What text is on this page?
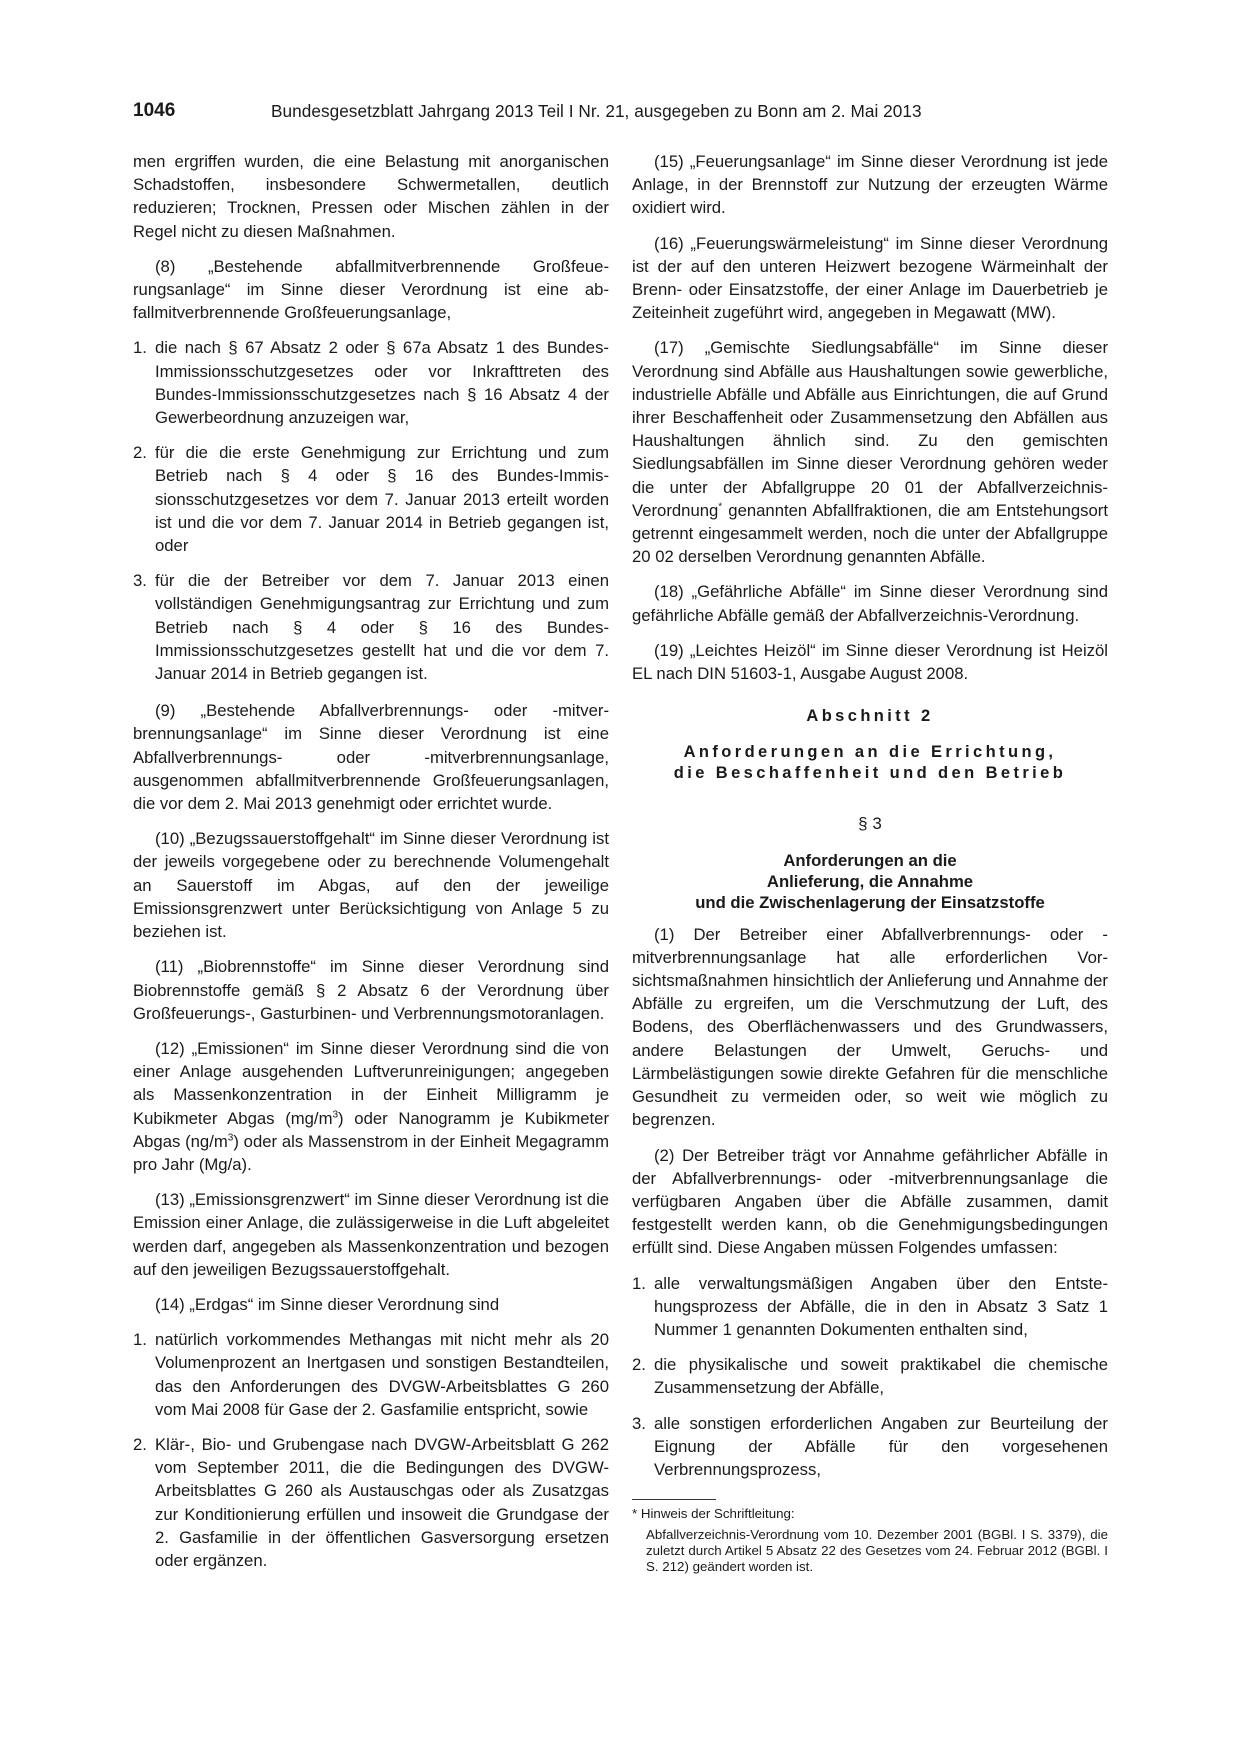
1046	Bundesgesetzblatt Jahrgang 2013 Teil I Nr. 21, ausgegeben zu Bonn am 2. Mai 2013

men ergriffen wurden, die eine Belastung mit anorganischen Schadstoffen, insbesondere Schwermetallen, deutlich reduzieren; Trocknen, Pressen oder Mischen zählen in der Regel nicht zu diesen Maßnahmen.

(8) „Bestehende abfallmitverbrennende Großfeuerungsanlage“ im Sinne dieser Verordnung ist eine abfallmitverbrennende Großfeuerungsanlage,

1. die nach § 67 Absatz 2 oder § 67a Absatz 1 des Bundes-Immissionsschutzgesetzes oder vor Inkrafttreten des Bundes-Immissionsschutzgesetzes nach § 16 Absatz 4 der Gewerbeordnung anzuzeigen war,
2. für die die erste Genehmigung zur Errichtung und zum Betrieb nach § 4 oder § 16 des Bundes-Immissionsschutzgesetzes vor dem 7. Januar 2013 erteilt worden ist und die vor dem 7. Januar 2014 in Betrieb gegangen ist, oder
3. für die der Betreiber vor dem 7. Januar 2013 einen vollständigen Genehmigungsantrag zur Errichtung und zum Betrieb nach § 4 oder § 16 des Bundes-Immissionsschutzgesetzes gestellt hat und die vor dem 7. Januar 2014 in Betrieb gegangen ist.

(9) „Bestehende Abfallverbrennungs- oder -mitverbrennungsanlage“ im Sinne dieser Verordnung ist eine Abfallverbrennungs- oder -mitverbrennungsanlage, ausgenommen abfallmitverbrennende Großfeuerungsanlagen, die vor dem 2. Mai 2013 genehmigt oder errichtet wurde.

(10) „Bezugssauerstoffgehalt“ im Sinne dieser Verordnung ist der jeweils vorgegebene oder zu berechnende Volumengehalt an Sauerstoff im Abgas, auf den der jeweilige Emissionsgrenzwert unter Berücksichtigung von Anlage 5 zu beziehen ist.

(11) „Biobrennstoffe“ im Sinne dieser Verordnung sind Biobrennstoffe gemäß § 2 Absatz 6 der Verordnung über Großfeuerungs-, Gasturbinen- und Verbrennungsmotoranlagen.

(12) „Emissionen“ im Sinne dieser Verordnung sind die von einer Anlage ausgehenden Luftverunreinigungen; angegeben als Massenkonzentration in der Einheit Milligramm je Kubikmeter Abgas $(mg/m^3)$ oder Nanogramm je Kubikmeter Abgas $(ng/m^3)$ oder als Massenstrom in der Einheit Megagramm pro Jahr (Mg/a).

(13) „Emissionsgrenzwert“ im Sinne dieser Verordnung ist die Emission einer Anlage, die zulässigerweise in die Luft abgeleitet werden darf, angegeben als Massenkonzentration und bezogen auf den jeweiligen Bezugssauerstoffgehalt.

(14) „Erdgas“ im Sinne dieser Verordnung sind

1. natürlich vorkommendes Methangas mit nicht mehr als 20 Volumenprozent an Inertgasen und sonstigen Bestandteilen, das den Anforderungen des DVGW-Arbeitsblattes G 260 vom Mai 2008 für Gase der 2. Gasfamilie entspricht, sowie
2. Klär-, Bio- und Grubengase nach DVGW-Arbeitsblatt G 262 vom September 2011, die die Bedingungen des DVGW-Arbeitsblattes G 260 als Austauschgas oder als Zusatzgas zur Konditionierung erfüllen und insoweit die Grundgase der 2. Gasfamilie in der öffentlichen Gasversorgung ersetzen oder ergänzen.

(15) „Feuerungsanlage“ im Sinne dieser Verordnung ist jede Anlage, in der Brennstoff zur Nutzung der erzeugten Wärme oxidiert wird.

(16) „Feuerungswärmeleistung“ im Sinne dieser Verordnung ist der auf den unteren Heizwert bezogene Wärmeinhalt der Brenn- oder Einsatzstoffe, der einer Anlage im Dauerbetrieb je Zeiteinheit zugeführt wird, angegeben in Megawatt (MW).

(17) „Gemischte Siedlungsabfälle“ im Sinne dieser Verordnung sind Abfälle aus Haushaltungen sowie gewerbliche, industrielle Abfälle und Abfälle aus Einrichtungen, die auf Grund ihrer Beschaffenheit oder Zusammensetzung den Abfällen aus Haushaltungen ähnlich sind. Zu den gemischten Siedlungsabfällen im Sinne dieser Verordnung gehören weder die unter der Abfallgruppe 20 01 der Abfallverzeichnis-Verordnung* genannten Abfallfraktionen, die am Entstehungsort getrennt eingesammelt werden, noch die unter der Abfallgruppe 20 02 derselben Verordnung genannten Abfälle.

(18) „Gefährliche Abfälle“ im Sinne dieser Verordnung sind gefährliche Abfälle gemäß der Abfallverzeichnis-Verordnung.

(19) „Leichtes Heizöl“ im Sinne dieser Verordnung ist Heizöl EL nach DIN 51603-1, Ausgabe August 2008.

Abschnitt 2
Anforderungen an die Errichtung,
die Beschaffenheit und den Betrieb
§ 3
Anforderungen an die
Anlieferung, die Annahme
und die Zwischenlagerung der Einsatzstoffe

(1) Der Betreiber einer Abfallverbrennungs- oder -mitverbrennungsanlage hat alle erforderlichen Vorsichtsmaßnahmen hinsichtlich der Anlieferung und Annahme der Abfälle zu ergreifen, um die Verschmutzung der Luft, des Bodens, des Oberflächenwassers und des Grundwassers, andere Belastungen der Umwelt, Geruchs- und Lärmbelästigungen sowie direkte Gefahren für die menschliche Gesundheit zu vermeiden oder, so weit wie möglich zu begrenzen.

(2) Der Betreiber trägt vor Annahme gefährlicher Abfälle in der Abfallverbrennungs- oder -mitverbrennungsanlage die verfügbaren Angaben über die Abfälle zusammen, damit festgestellt werden kann, ob die Genehmigungsbedingungen erfüllt sind. Diese Angaben müssen Folgendes umfassen:

1. alle verwaltungsmäßigen Angaben über den Entstehungsprozess der Abfälle, die in den in Absatz 3 Satz 1 Nummer 1 genannten Dokumenten enthalten sind,
2. die physikalische und soweit praktikabel die chemische Zusammensetzung der Abfälle,
3. alle sonstigen erforderlichen Angaben zur Beurteilung der Eignung der Abfälle für den vorgesehenen Verbrennungsprozess,
* Hinweis der Schriftleitung:
Abfallverzeichnis-Verordnung vom 10. Dezember 2001 (BGBl. I S. 3379), die zuletzt durch Artikel 5 Absatz 22 des Gesetzes vom 24. Februar 2012 (BGBl. I S. 212) geändert worden ist.
